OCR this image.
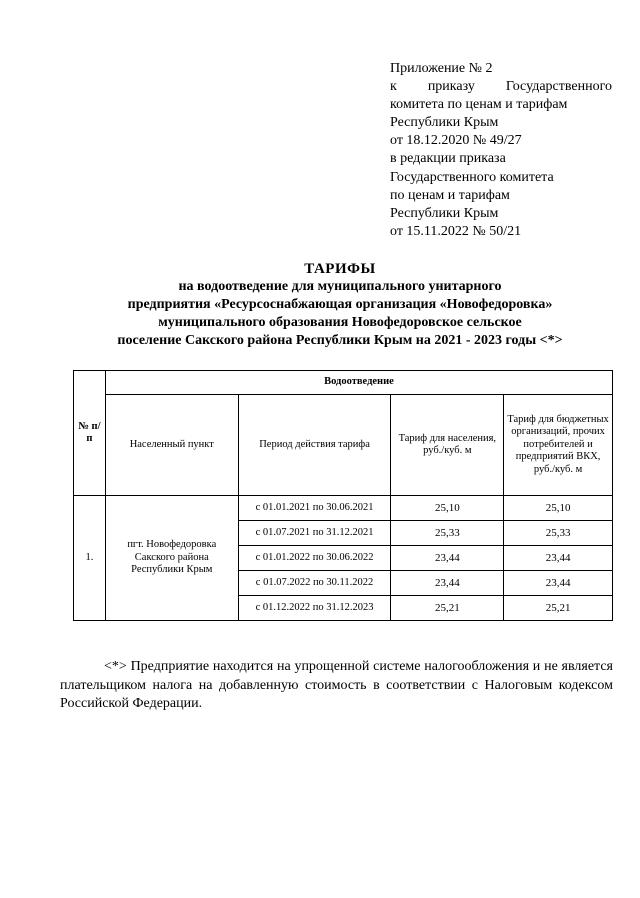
Приложение № 2
к приказу Государственного
комитета по ценам и тарифам
Республики Крым
от 18.12.2020 № 49/27
в редакции приказа
Государственного комитета
по ценам и тарифам
Республики Крым
от 15.11.2022 № 50/21
ТАРИФЫ
на водоотведение для муниципального унитарного
предприятия «Ресурсоснабжающая организация «Новофедоровка»
муниципального образования Новофедоровское сельское
поселение Сакского района Республики Крым на 2021 - 2023 годы <*>
№ п/п	Водоотведение			
	Населенный пункт	Период действия тарифа	Тариф для населения, руб./куб. м	Тариф для бюджетных организаций, прочих потребителей и предприятий ВКХ, руб./куб. м
1.	пгт. Новофедоровка Сакского района Республики Крым	с 01.01.2021 по 30.06.2021	25,10	25,10
		с 01.07.2021 по 31.12.2021	25,33	25,33
		с 01.01.2022 по 30.06.2022	23,44	23,44
		с 01.07.2022 по 30.11.2022	23,44	23,44
		с 01.12.2022 по 31.12.2023	25,21	25,21
<*> Предприятие находится на упрощенной системе налогообложения и не является плательщиком налога на добавленную стоимость в соответствии с Налоговым кодексом Российской Федерации.
